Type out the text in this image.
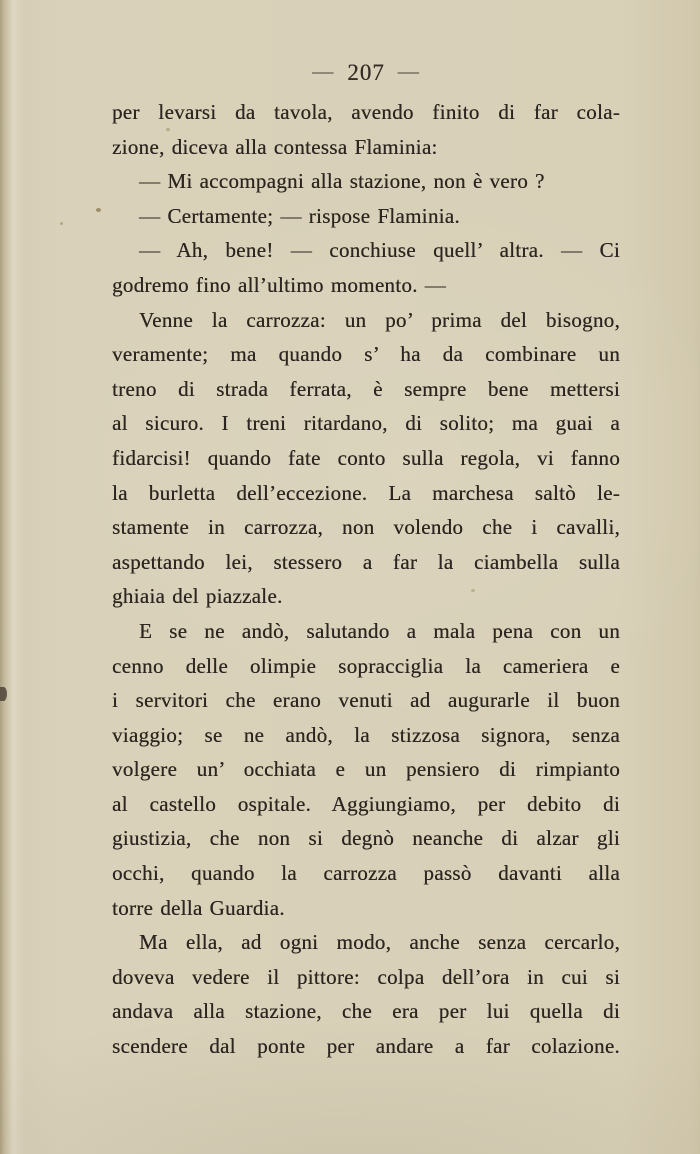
— 207 —
per levarsi da tavola, avendo finito di far cola-
zione, diceva alla contessa Flaminia:
— Mi accompagni alla stazione, non è vero ?
— Certamente; — rispose Flaminia.
— Ah, bene! — conchiuse quell’ altra. — Ci
godremo fino all’ultimo momento. —
Venne la carrozza: un po’ prima del bisogno,
veramente; ma quando s’ ha da combinare un
treno di strada ferrata, è sempre bene mettersi
al sicuro. I treni ritardano, di solito; ma guai a
fidarcisi! quando fate conto sulla regola, vi fanno
la burletta dell’eccezione. La marchesa saltò le-
stamente in carrozza, non volendo che i cavalli,
aspettando lei, stessero a far la ciambella sulla
ghiaia del piazzale.
E se ne andò, salutando a mala pena con un
cenno delle olimpie sopracciglia la cameriera e
i servitori che erano venuti ad augurarle il buon
viaggio; se ne andò, la stizzosa signora, senza
volgere un’ occhiata e un pensiero di rimpianto
al castello ospitale. Aggiungiamo, per debito di
giustizia, che non si degnò neanche di alzar gli
occhi, quando la carrozza passò davanti alla
torre della Guardia.
Ma ella, ad ogni modo, anche senza cercarlo,
doveva vedere il pittore: colpa dell’ora in cui si
andava alla stazione, che era per lui quella di
scendere dal ponte per andare a far colazione.
